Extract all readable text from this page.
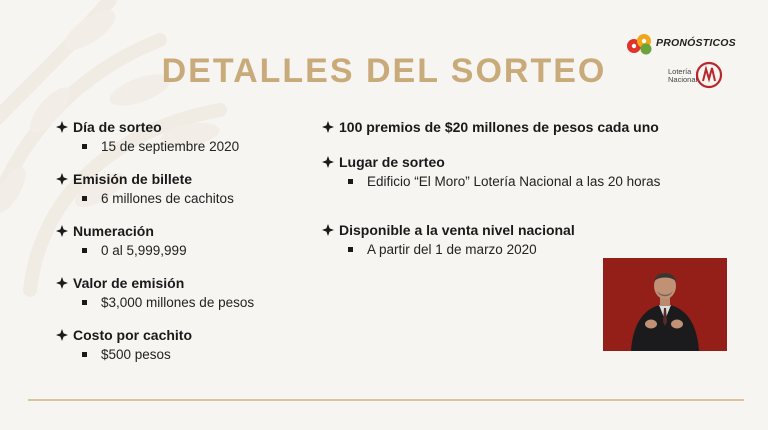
DETALLES DEL SORTEO
PRONÓSTICOS
Lotería Nacional
Día de sorteo
15 de septiembre 2020
Emisión de billete
6 millones de cachitos
Numeración
0 al 5,999,999
Valor de emisión
$3,000 millones de pesos
Costo por cachito
$500 pesos
100 premios de $20 millones de pesos cada uno
Lugar de sorteo
Edificio “El Moro” Lotería Nacional a las 20 horas
Disponible a la venta nivel nacional
A partir del 1 de marzo 2020
